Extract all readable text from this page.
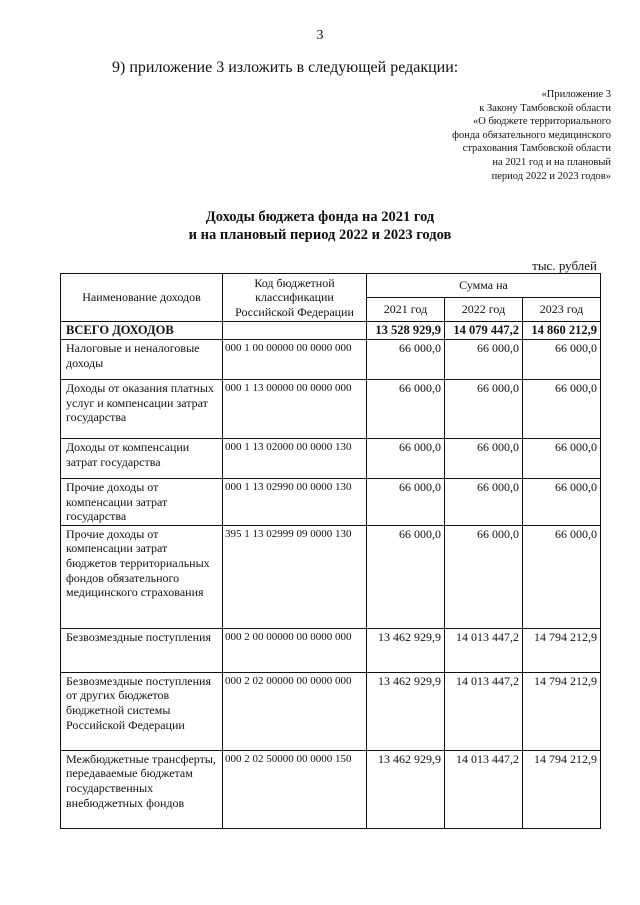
3
9) приложение 3 изложить в следующей редакции:
«Приложение 3
к Закону Тамбовской области
«О бюджете территориального
фонда обязательного медицинского
страхования Тамбовской области
на 2021 год и на плановый
период 2022 и 2023 годов»
Доходы бюджета фонда на 2021 год
и на плановый период 2022 и 2023 годов
тыс. рублей
Наименование доходов	Код бюджетной классификации Российской Федерации	Сумма на		
		2021 год	2022 год	2023 год
ВСЕГО ДОХОДОВ		13 528 929,9	14 079 447,2	14 860 212,9
Налоговые и неналоговые доходы	000 1 00 00000 00 0000 000	66 000,0	66 000,0	66 000,0
Доходы от оказания платных услуг и компенсации затрат государства	000 1 13 00000 00 0000 000	66 000,0	66 000,0	66 000,0
Доходы от компенсации затрат государства	000 1 13 02000 00 0000 130	66 000,0	66 000,0	66 000,0
Прочие доходы от компенсации затрат государства	000 1 13 02990 00 0000 130	66 000,0	66 000,0	66 000,0
Прочие доходы от компенсации затрат бюджетов территориальных фондов обязательного медицинского страхования	395 1 13 02999 09 0000 130	66 000,0	66 000,0	66 000,0
Безвозмездные поступления	000 2 00 00000 00 0000 000	13 462 929,9	14 013 447,2	14 794 212,9
Безвозмездные поступления от других бюджетов бюджетной системы Российской Федерации	000 2 02 00000 00 0000 000	13 462 929,9	14 013 447,2	14 794 212,9
Межбюджетные трансферты, передаваемые бюджетам государственных внебюджетных фондов	000 2 02 50000 00 0000 150	13 462 929,9	14 013 447,2	14 794 212,9
